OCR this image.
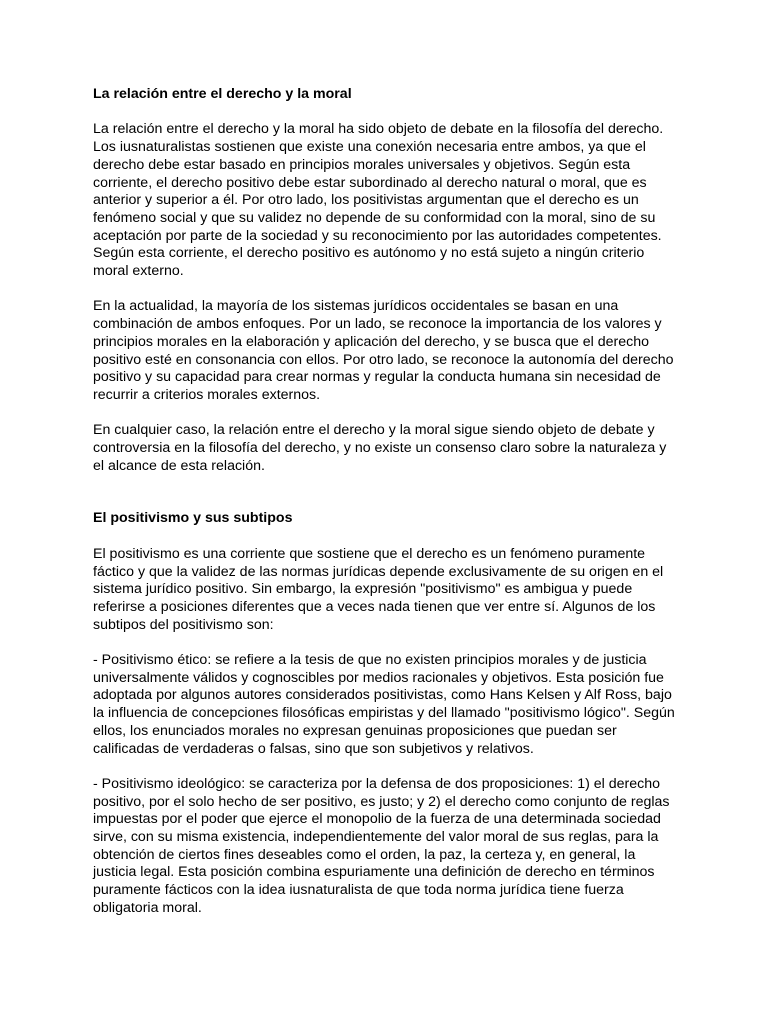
La relación entre el derecho y la moral

La relación entre el derecho y la moral ha sido objeto de debate en la filosofía del derecho.
Los iusnaturalistas sostienen que existe una conexión necesaria entre ambos, ya que el
derecho debe estar basado en principios morales universales y objetivos. Según esta
corriente, el derecho positivo debe estar subordinado al derecho natural o moral, que es
anterior y superior a él. Por otro lado, los positivistas argumentan que el derecho es un
fenómeno social y que su validez no depende de su conformidad con la moral, sino de su
aceptación por parte de la sociedad y su reconocimiento por las autoridades competentes.
Según esta corriente, el derecho positivo es autónomo y no está sujeto a ningún criterio
moral externo.

En la actualidad, la mayoría de los sistemas jurídicos occidentales se basan en una
combinación de ambos enfoques. Por un lado, se reconoce la importancia de los valores y
principios morales en la elaboración y aplicación del derecho, y se busca que el derecho
positivo esté en consonancia con ellos. Por otro lado, se reconoce la autonomía del derecho
positivo y su capacidad para crear normas y regular la conducta humana sin necesidad de
recurrir a criterios morales externos.

En cualquier caso, la relación entre el derecho y la moral sigue siendo objeto de debate y
controversia en la filosofía del derecho, y no existe un consenso claro sobre la naturaleza y
el alcance de esta relación.

El positivismo y sus subtipos

El positivismo es una corriente que sostiene que el derecho es un fenómeno puramente
fáctico y que la validez de las normas jurídicas depende exclusivamente de su origen en el
sistema jurídico positivo. Sin embargo, la expresión "positivismo" es ambigua y puede
referirse a posiciones diferentes que a veces nada tienen que ver entre sí. Algunos de los
subtipos del positivismo son:

- Positivismo ético: se refiere a la tesis de que no existen principios morales y de justicia
universalmente válidos y cognoscibles por medios racionales y objetivos. Esta posición fue
adoptada por algunos autores considerados positivistas, como Hans Kelsen y Alf Ross, bajo
la influencia de concepciones filosóficas empiristas y del llamado "positivismo lógico". Según
ellos, los enunciados morales no expresan genuinas proposiciones que puedan ser
calificadas de verdaderas o falsas, sino que son subjetivos y relativos.

- Positivismo ideológico: se caracteriza por la defensa de dos proposiciones: 1) el derecho
positivo, por el solo hecho de ser positivo, es justo; y 2) el derecho como conjunto de reglas
impuestas por el poder que ejerce el monopolio de la fuerza de una determinada sociedad
sirve, con su misma existencia, independientemente del valor moral de sus reglas, para la
obtención de ciertos fines deseables como el orden, la paz, la certeza y, en general, la
justicia legal. Esta posición combina espuriamente una definición de derecho en términos
puramente fácticos con la idea iusnaturalista de que toda norma jurídica tiene fuerza
obligatoria moral.
